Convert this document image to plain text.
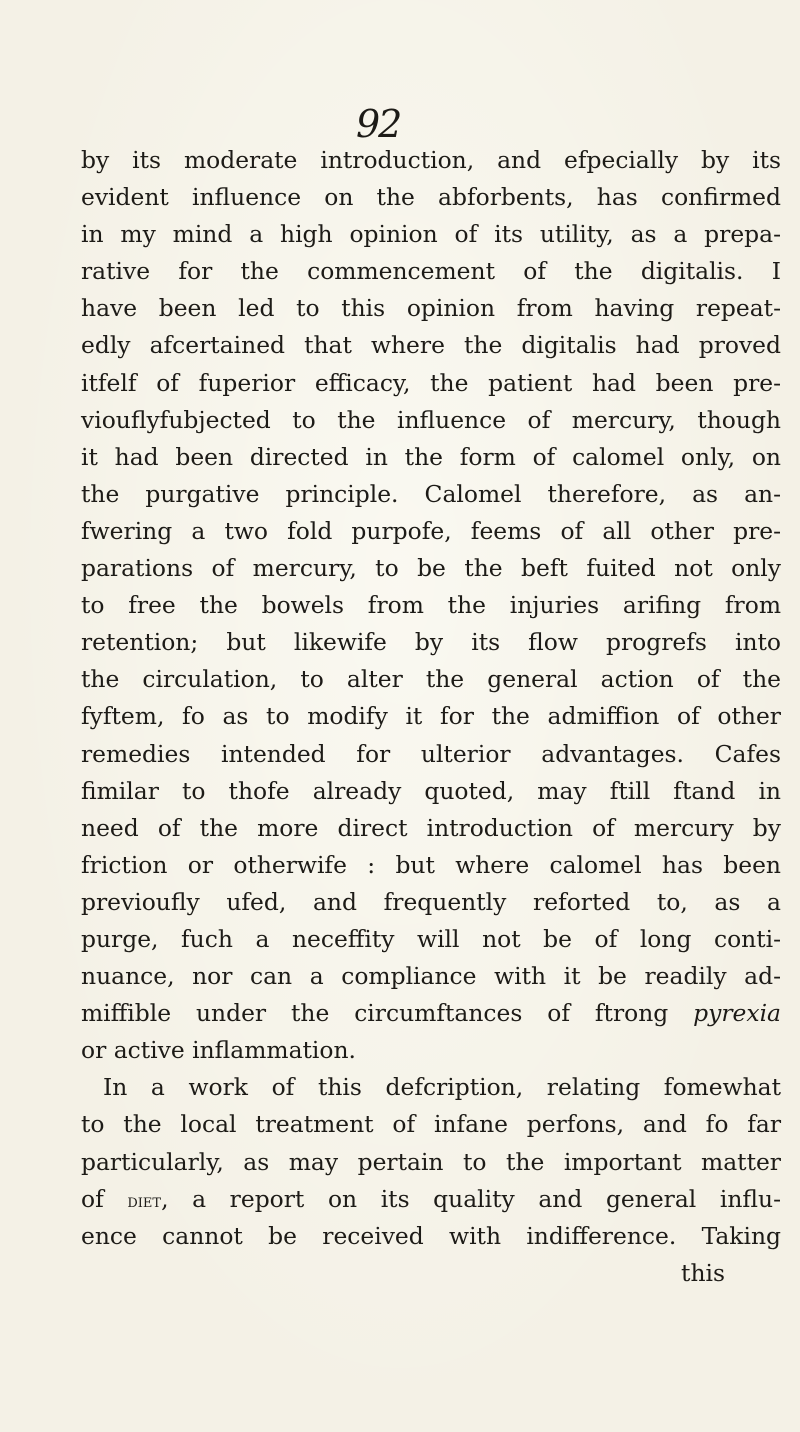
92
by its moderate introduction, and efpecially by its
evident influence on the abforbents, has confirmed
in my mind a high opinion of its utility, as a prepa-
rative for the commencement of the digitalis. I
have been led to this opinion from having repeat-
edly afcertained that where the digitalis had proved
itfelf of fuperior efficacy, the patient had been pre-
viouflyfubjected to the influence of mercury, though
it had been directed in the form of calomel only, on
the purgative principle. Calomel therefore, as an-
fwering a two fold purpofe, feems of all other pre-
parations of mercury, to be the beft fuited not only
to free the bowels from the injuries arifing from
retention; but likewife by its flow progrefs into
the circulation, to alter the general action of the
fyftem, fo as to modify it for the admiffion of other
remedies intended for ulterior advantages. Cafes
fimilar to thofe already quoted, may ftill ftand in
need of the more direct introduction of mercury by
friction or otherwife : but where calomel has been
previoufly ufed, and frequently reforted to, as a
purge, fuch a neceffity will not be of long conti-
nuance, nor can a compliance with it be readily ad-
miffible under the circumftances of ftrong pyrexia
or active inflammation.
In a work of this defcription, relating fomewhat
to the local treatment of infane perfons, and fo far
particularly, as may pertain to the important matter
of diet, a report on its quality and general influ-
ence cannot be received with indifference. Taking
this
